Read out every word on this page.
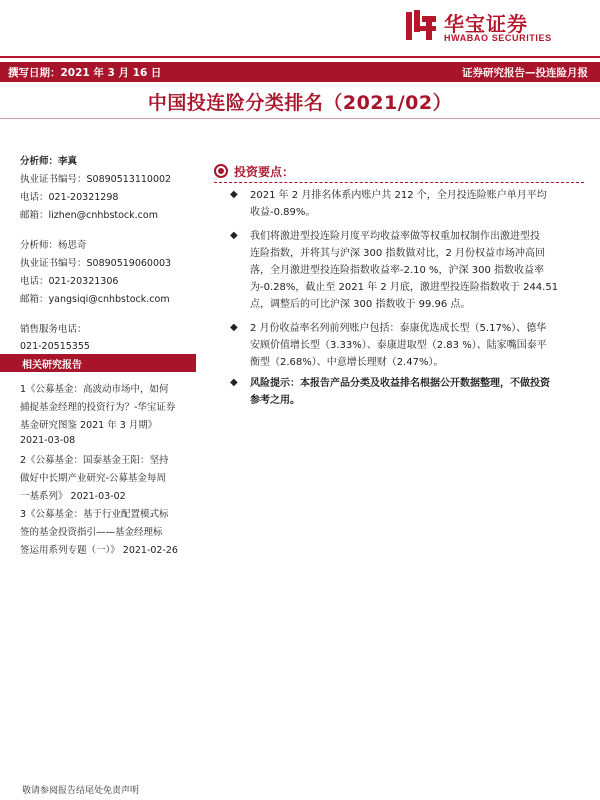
华宝证券
HWABAO SECURITIES
撰写日期：2021 年 3 月 16 日	证券研究报告—投连险月报
中国投连险分类排名（2021/02）
分析师：李真
执业证书编号：S0890513110002
电话：021-20321298
邮箱：lizhen@cnhbstock.com
分析师：杨思奇
执业证书编号：S0890519060003
电话：021-20321306
邮箱：yangsiqi@cnhbstock.com
销售服务电话：
021-20515355
相关研究报告
1《公募基金：高波动市场中，如何
捕捉基金经理的投资行为？-华宝证券
基金研究图鉴 2021 年 3 月期》
2021-03-08
2《公募基金：国泰基金王阳：坚持
做好中长期产业研究-公募基金每周
一基系列》 2021-03-02
3《公募基金：基于行业配置模式标
签的基金投资指引——基金经理标
签运用系列专题（一）》 2021-02-26
投资要点：
◆ 2021 年 2 月排名体系内账户共 212 个，全月投连险账户单月平均
收益-0.89%。
◆ 我们将激进型投连险月度平均收益率做等权重加权制作出激进型投
连险指数，并将其与沪深 300 指数做对比，2 月份权益市场冲高回
落，全月激进型投连险指数收益率-2.10 %，沪深 300 指数收益率
为-0.28%，截止至 2021 年 2 月底，激进型投连险指数收于 244.51
点，调整后的可比沪深 300 指数收于 99.96 点。
◆ 2 月份收益率名列前列账户包括：泰康优选成长型（5.17%）、德华
安顾价值增长型（3.33%）、泰康进取型（2.83 %）、陆家嘴国泰平
衡型（2.68%）、中意增长理财（2.47%）。
◆ 风险提示：本报告产品分类及收益排名根据公开数据整理，不做投资
参考之用。
敬请参阅报告结尾处免责声明
